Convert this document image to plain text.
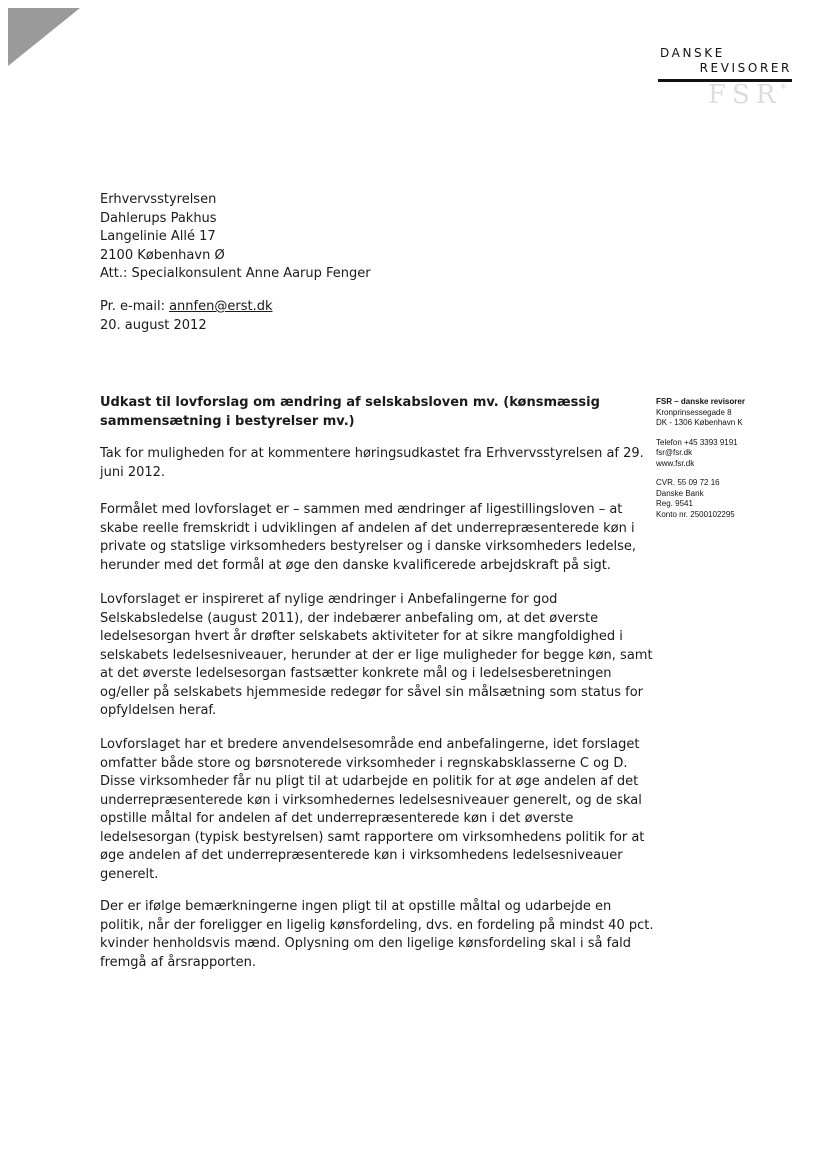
DANSKE
REVISORER
FSR
*
Erhvervsstyrelsen
Dahlerups Pakhus
Langelinie Allé 17
2100 København Ø
Att.: Specialkonsulent Anne Aarup Fenger
Pr. e-mail: annfen@erst.dk
20. august 2012
Udkast til lovforslag om ændring af selskabsloven mv. (kønsmæssig
sammensætning i bestyrelser mv.)
Tak for muligheden for at kommentere høringsudkastet fra Erhvervsstyrelsen af 29.
juni 2012.
Formålet med lovforslaget er – sammen med ændringer af ligestillingsloven – at
skabe reelle fremskridt i udviklingen af andelen af det underrepræsenterede køn i
private og statslige virksomheders bestyrelser og i danske virksomheders ledelse,
herunder med det formål at øge den danske kvalificerede arbejdskraft på sigt.
Lovforslaget er inspireret af nylige ændringer i Anbefalingerne for god
Selskabsledelse (august 2011), der indebærer anbefaling om, at det øverste
ledelsesorgan hvert år drøfter selskabets aktiviteter for at sikre mangfoldighed i
selskabets ledelsesniveauer, herunder at der er lige muligheder for begge køn, samt
at det øverste ledelsesorgan fastsætter konkrete mål og i ledelsesberetningen
og/eller på selskabets hjemmeside redegør for såvel sin målsætning som status for
opfyldelsen heraf.
Lovforslaget har et bredere anvendelsesområde end anbefalingerne, idet forslaget
omfatter både store og børsnoterede virksomheder i regnskabsklasserne C og D.
Disse virksomheder får nu pligt til at udarbejde en politik for at øge andelen af det
underrepræsenterede køn i virksomhedernes ledelsesniveauer generelt, og de skal
opstille måltal for andelen af det underrepræsenterede køn i det øverste
ledelsesorgan (typisk bestyrelsen) samt rapportere om virksomhedens politik for at
øge andelen af det underrepræsenterede køn i virksomhedens ledelsesniveauer
generelt.
Der er ifølge bemærkningerne ingen pligt til at opstille måltal og udarbejde en
politik, når der foreligger en ligelig kønsfordeling, dvs. en fordeling på mindst 40 pct.
kvinder henholdsvis mænd. Oplysning om den ligelige kønsfordeling skal i så fald
fremgå af årsrapporten.
FSR – danske revisorer
Kronprinsessegade 8
DK - 1306 København K
Telefon +45 3393 9191
fsr@fsr.dk
www.fsr.dk
CVR. 55 09 72 16
Danske Bank
Reg. 9541
Konto nr. 2500102295
